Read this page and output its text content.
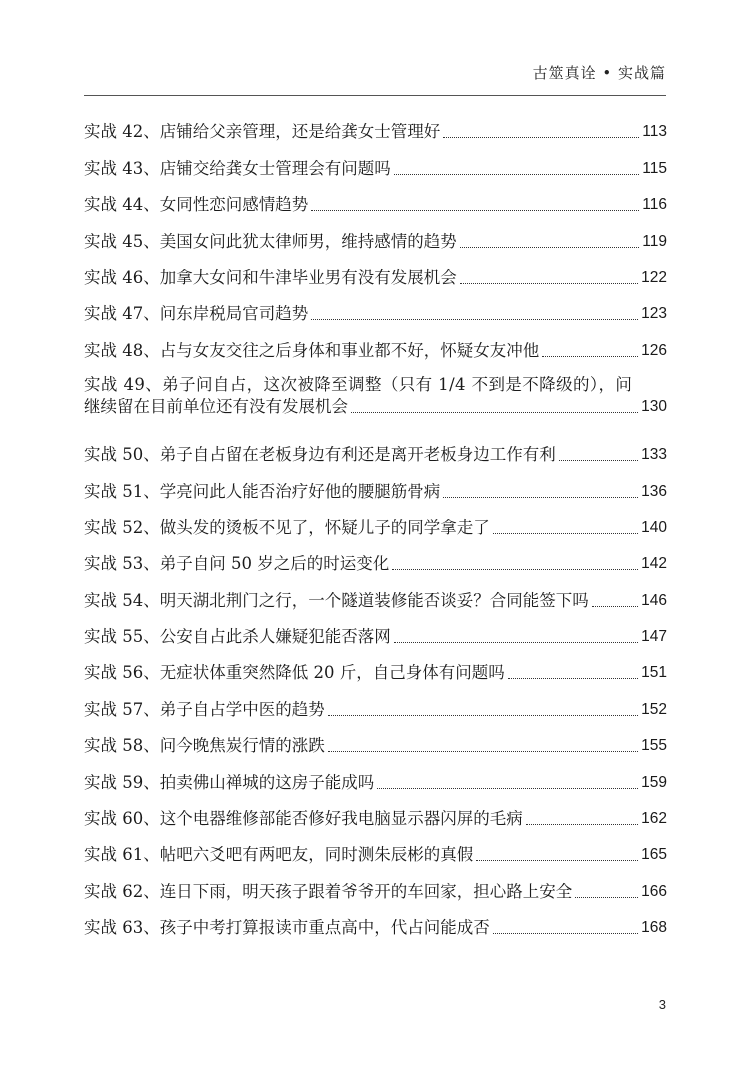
古筮真诠 • 实战篇
实战 42、店铺给父亲管理，还是给龚女士管理好	113
实战 43、店铺交给龚女士管理会有问题吗	115
实战 44、女同性恋问感情趋势	116
实战 45、美国女问此犹太律师男，维持感情的趋势	119
实战 46、加拿大女问和牛津毕业男有没有发展机会	122
实战 47、问东岸税局官司趋势	123
实战 48、占与女友交往之后身体和事业都不好，怀疑女友冲他	126
实战 49、弟子问自占，这次被降至调整（只有 1/4 不到是不降级的），问
继续留在目前单位还有没有发展机会	130
实战 50、弟子自占留在老板身边有利还是离开老板身边工作有利	133
实战 51、学亮问此人能否治疗好他的腰腿筋骨病	136
实战 52、做头发的烫板不见了，怀疑儿子的同学拿走了	140
实战 53、弟子自问 50 岁之后的时运变化	142
实战 54、明天湖北荆门之行，一个隧道装修能否谈妥？合同能签下吗	146
实战 55、公安自占此杀人嫌疑犯能否落网	147
实战 56、无症状体重突然降低 20 斤，自己身体有问题吗	151
实战 57、弟子自占学中医的趋势	152
实战 58、问今晚焦炭行情的涨跌	155
实战 59、拍卖佛山禅城的这房子能成吗	159
实战 60、这个电器维修部能否修好我电脑显示器闪屏的毛病	162
实战 61、帖吧六爻吧有两吧友，同时测朱辰彬的真假	165
实战 62、连日下雨，明天孩子跟着爷爷开的车回家，担心路上安全	166
实战 63、孩子中考打算报读市重点高中，代占问能成否	168
3
